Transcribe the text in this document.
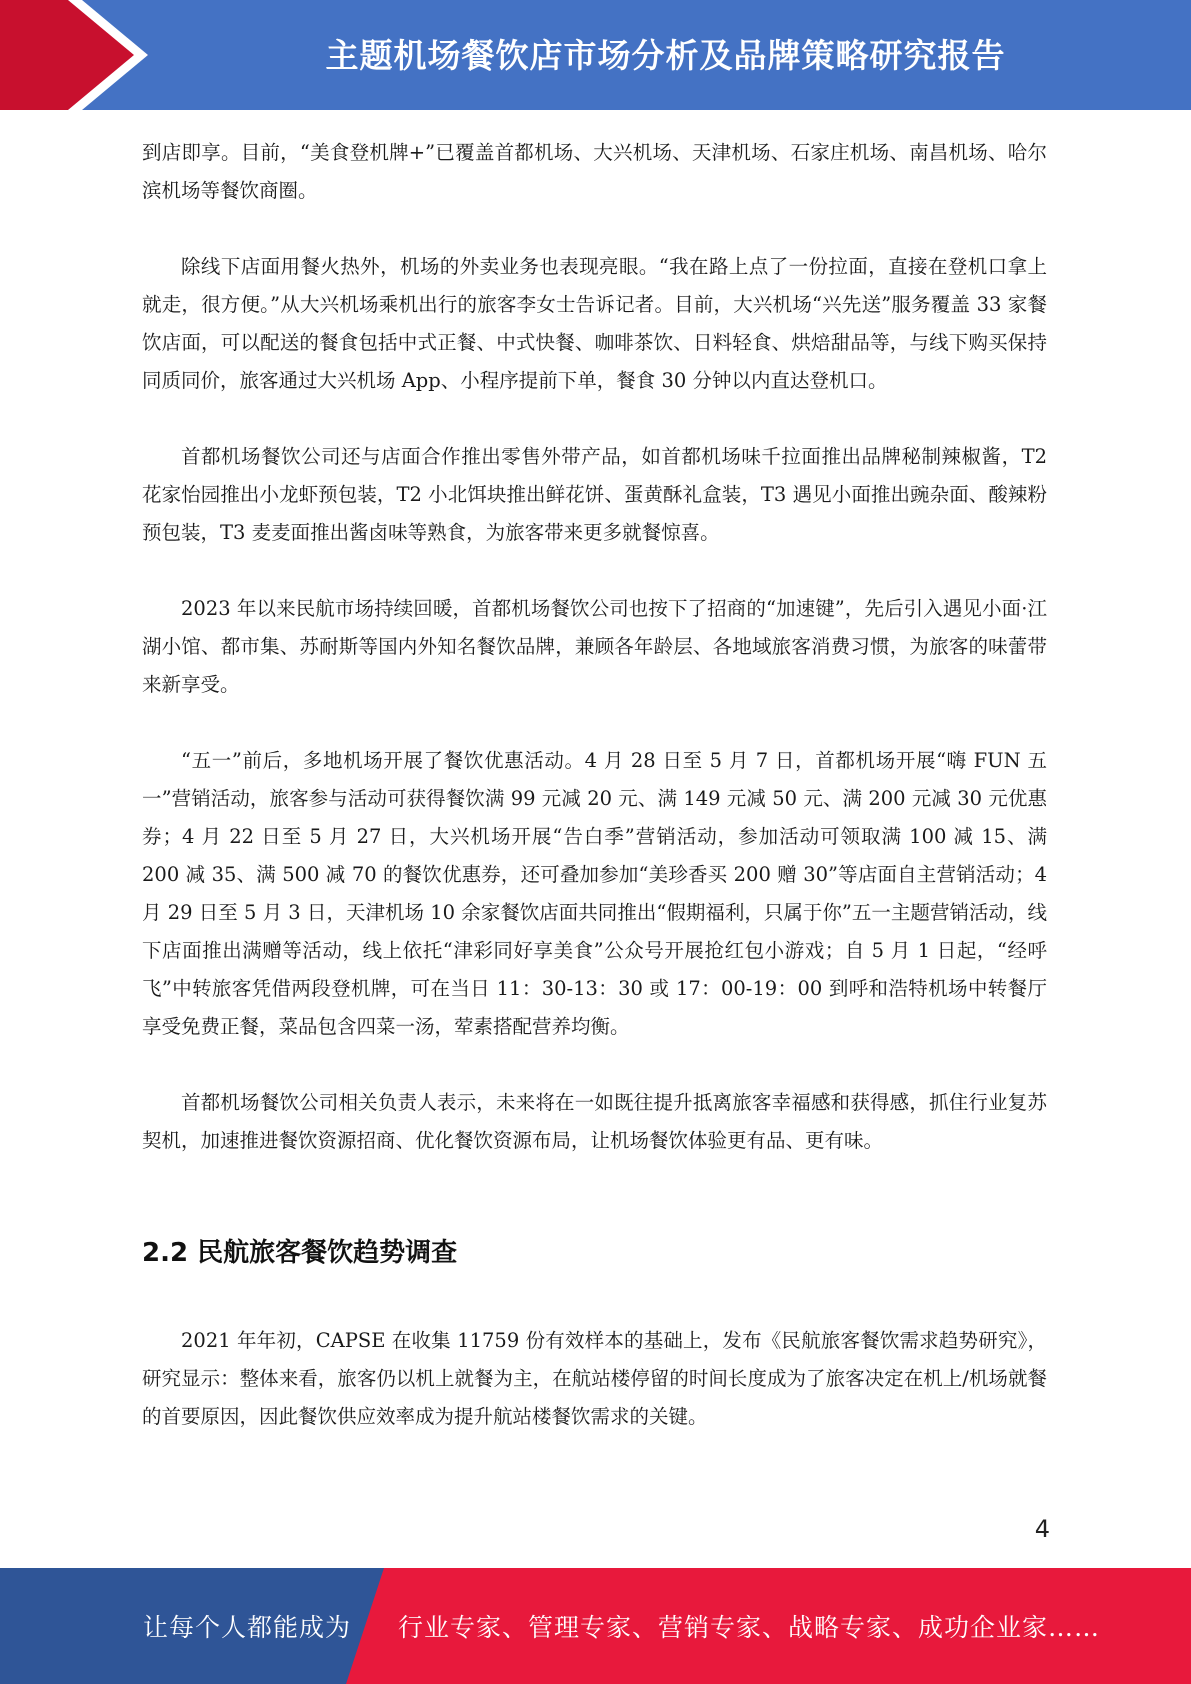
主题机场餐饮店市场分析及品牌策略研究报告

到店即享。目前，“美食登机牌+”已覆盖首都机场、大兴机场、天津机场、石家庄机场、南昌机场、哈尔滨机场等餐饮商圈。

除线下店面用餐火热外，机场的外卖业务也表现亮眼。“我在路上点了一份拉面，直接在登机口拿上就走，很方便。”从大兴机场乘机出行的旅客李女士告诉记者。目前，大兴机场“兴先送”服务覆盖 33 家餐饮店面，可以配送的餐食包括中式正餐、中式快餐、咖啡茶饮、日料轻食、烘焙甜品等，与线下购买保持同质同价，旅客通过大兴机场 App、小程序提前下单，餐食 30 分钟以内直达登机口。

首都机场餐饮公司还与店面合作推出零售外带产品，如首都机场味千拉面推出品牌秘制辣椒酱，T2 花家怡园推出小龙虾预包装，T2 小北饵块推出鲜花饼、蛋黄酥礼盒装，T3 遇见小面推出豌杂面、酸辣粉预包装，T3 麦麦面推出酱卤味等熟食，为旅客带来更多就餐惊喜。

2023 年以来民航市场持续回暖，首都机场餐饮公司也按下了招商的“加速键”，先后引入遇见小面·江湖小馆、都市集、苏耐斯等国内外知名餐饮品牌，兼顾各年龄层、各地域旅客消费习惯，为旅客的味蕾带来新享受。

“五一”前后，多地机场开展了餐饮优惠活动。4 月 28 日至 5 月 7 日，首都机场开展“嗨 FUN 五一”营销活动，旅客参与活动可获得餐饮满 99 元减 20 元、满 149 元减 50 元、满 200 元减 30 元优惠券；4 月 22 日至 5 月 27 日，大兴机场开展“告白季”营销活动，参加活动可领取满 100 减 15、满 200 减 35、满 500 减 70 的餐饮优惠券，还可叠加参加“美珍香买 200 赠 30”等店面自主营销活动；4 月 29 日至 5 月 3 日，天津机场 10 余家餐饮店面共同推出“假期福利，只属于你”五一主题营销活动，线下店面推出满赠等活动，线上依托“津彩同好享美食”公众号开展抢红包小游戏；自 5 月 1 日起，“经呼飞”中转旅客凭借两段登机牌，可在当日 11：30-13：30 或 17：00-19：00 到呼和浩特机场中转餐厅享受免费正餐，菜品包含四菜一汤，荤素搭配营养均衡。

首都机场餐饮公司相关负责人表示，未来将在一如既往提升抵离旅客幸福感和获得感，抓住行业复苏契机，加速推进餐饮资源招商、优化餐饮资源布局，让机场餐饮体验更有品、更有味。

2.2 民航旅客餐饮趋势调查

2021 年年初，CAPSE 在收集 11759 份有效样本的基础上，发布《民航旅客餐饮需求趋势研究》，研究显示：整体来看，旅客仍以机上就餐为主，在航站楼停留的时间长度成为了旅客决定在机上/机场就餐的首要原因，因此餐饮供应效率成为提升航站楼餐饮需求的关键。

4
让每个人都能成为 行业专家、管理专家、营销专家、战略专家、成功企业家……
